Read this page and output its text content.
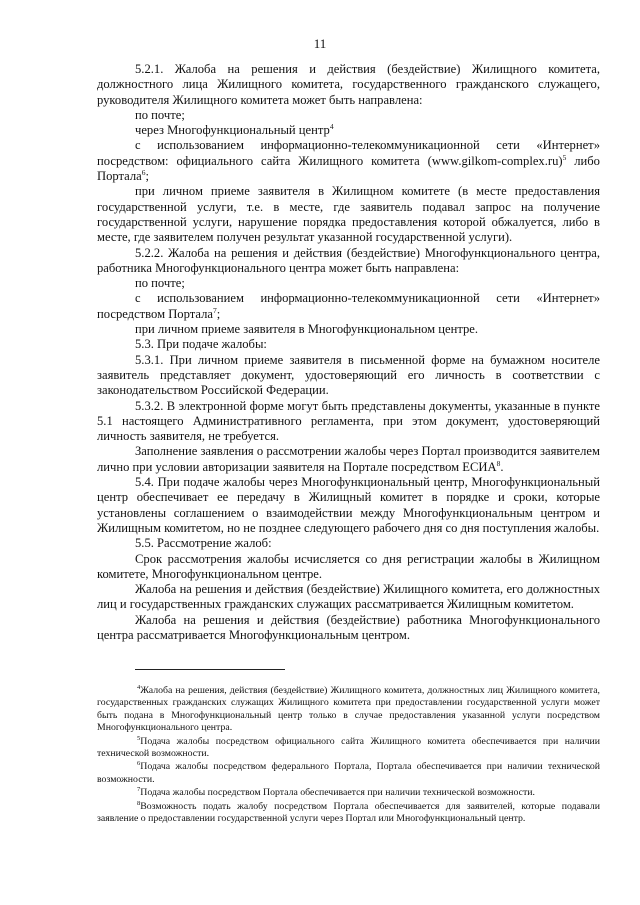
11

5.2.1. Жалоба на решения и действия (бездействие) Жилищного комитета, должностного лица Жилищного комитета, государственного гражданского служащего, руководителя Жилищного комитета может быть направлена:

по почте;

через Многофункциональный центр$^4$

с использованием информационно-телекоммуникационной сети «Интернет» посредством: официального сайта Жилищного комитета (www.gilkom-complex.ru)$^5$ либо Портала$^6$;

при личном приеме заявителя в Жилищном комитете (в месте предоставления государственной услуги, т.е. в месте, где заявитель подавал запрос на получение государственной услуги, нарушение порядка предоставления которой обжалуется, либо в месте, где заявителем получен результат указанной государственной услуги).

5.2.2. Жалоба на решения и действия (бездействие) Многофункционального центра, работника Многофункционального центра может быть направлена:

по почте;

с использованием информационно-телекоммуникационной сети «Интернет» посредством Портала$^7$;

при личном приеме заявителя в Многофункциональном центре.

5.3. При подаче жалобы:

5.3.1. При личном приеме заявителя в письменной форме на бумажном носителе заявитель представляет документ, удостоверяющий его личность в соответствии с законодательством Российской Федерации.

5.3.2. В электронной форме могут быть представлены документы, указанные в пункте 5.1 настоящего Административного регламента, при этом документ, удостоверяющий личность заявителя, не требуется.

Заполнение заявления о рассмотрении жалобы через Портал производится заявителем лично при условии авторизации заявителя на Портале посредством ЕСИА$^8$.

5.4. При подаче жалобы через Многофункциональный центр, Многофункциональный центр обеспечивает ее передачу в Жилищный комитет в порядке и сроки, которые установлены соглашением о взаимодействии между Многофункциональным центром и Жилищным комитетом, но не позднее следующего рабочего дня со дня поступления жалобы.

5.5. Рассмотрение жалоб:

Срок рассмотрения жалобы исчисляется со дня регистрации жалобы в Жилищном комитете, Многофункциональном центре.

Жалоба на решения и действия (бездействие) Жилищного комитета, его должностных лиц и государственных гражданских служащих рассматривается Жилищным комитетом.

Жалоба на решения и действия (бездействие) работника Многофункционального центра рассматривается Многофункциональным центром.

$^4$Жалоба на решения, действия (бездействие) Жилищного комитета, должностных лиц Жилищного комитета, государственных гражданских служащих Жилищного комитета при предоставлении государственной услуги может быть подана в Многофункциональный центр только в случае предоставления указанной услуги посредством Многофункционального центра.

$^5$Подача жалобы посредством официального сайта Жилищного комитета обеспечивается при наличии технической возможности.

$^6$Подача жалобы посредством федерального Портала, Портала обеспечивается при наличии технической возможности.

$^7$Подача жалобы посредством Портала обеспечивается при наличии технической возможности.

$^8$Возможность подать жалобу посредством Портала обеспечивается для заявителей, которые подавали заявление о предоставлении государственной услуги через Портал или Многофункциональный центр.
